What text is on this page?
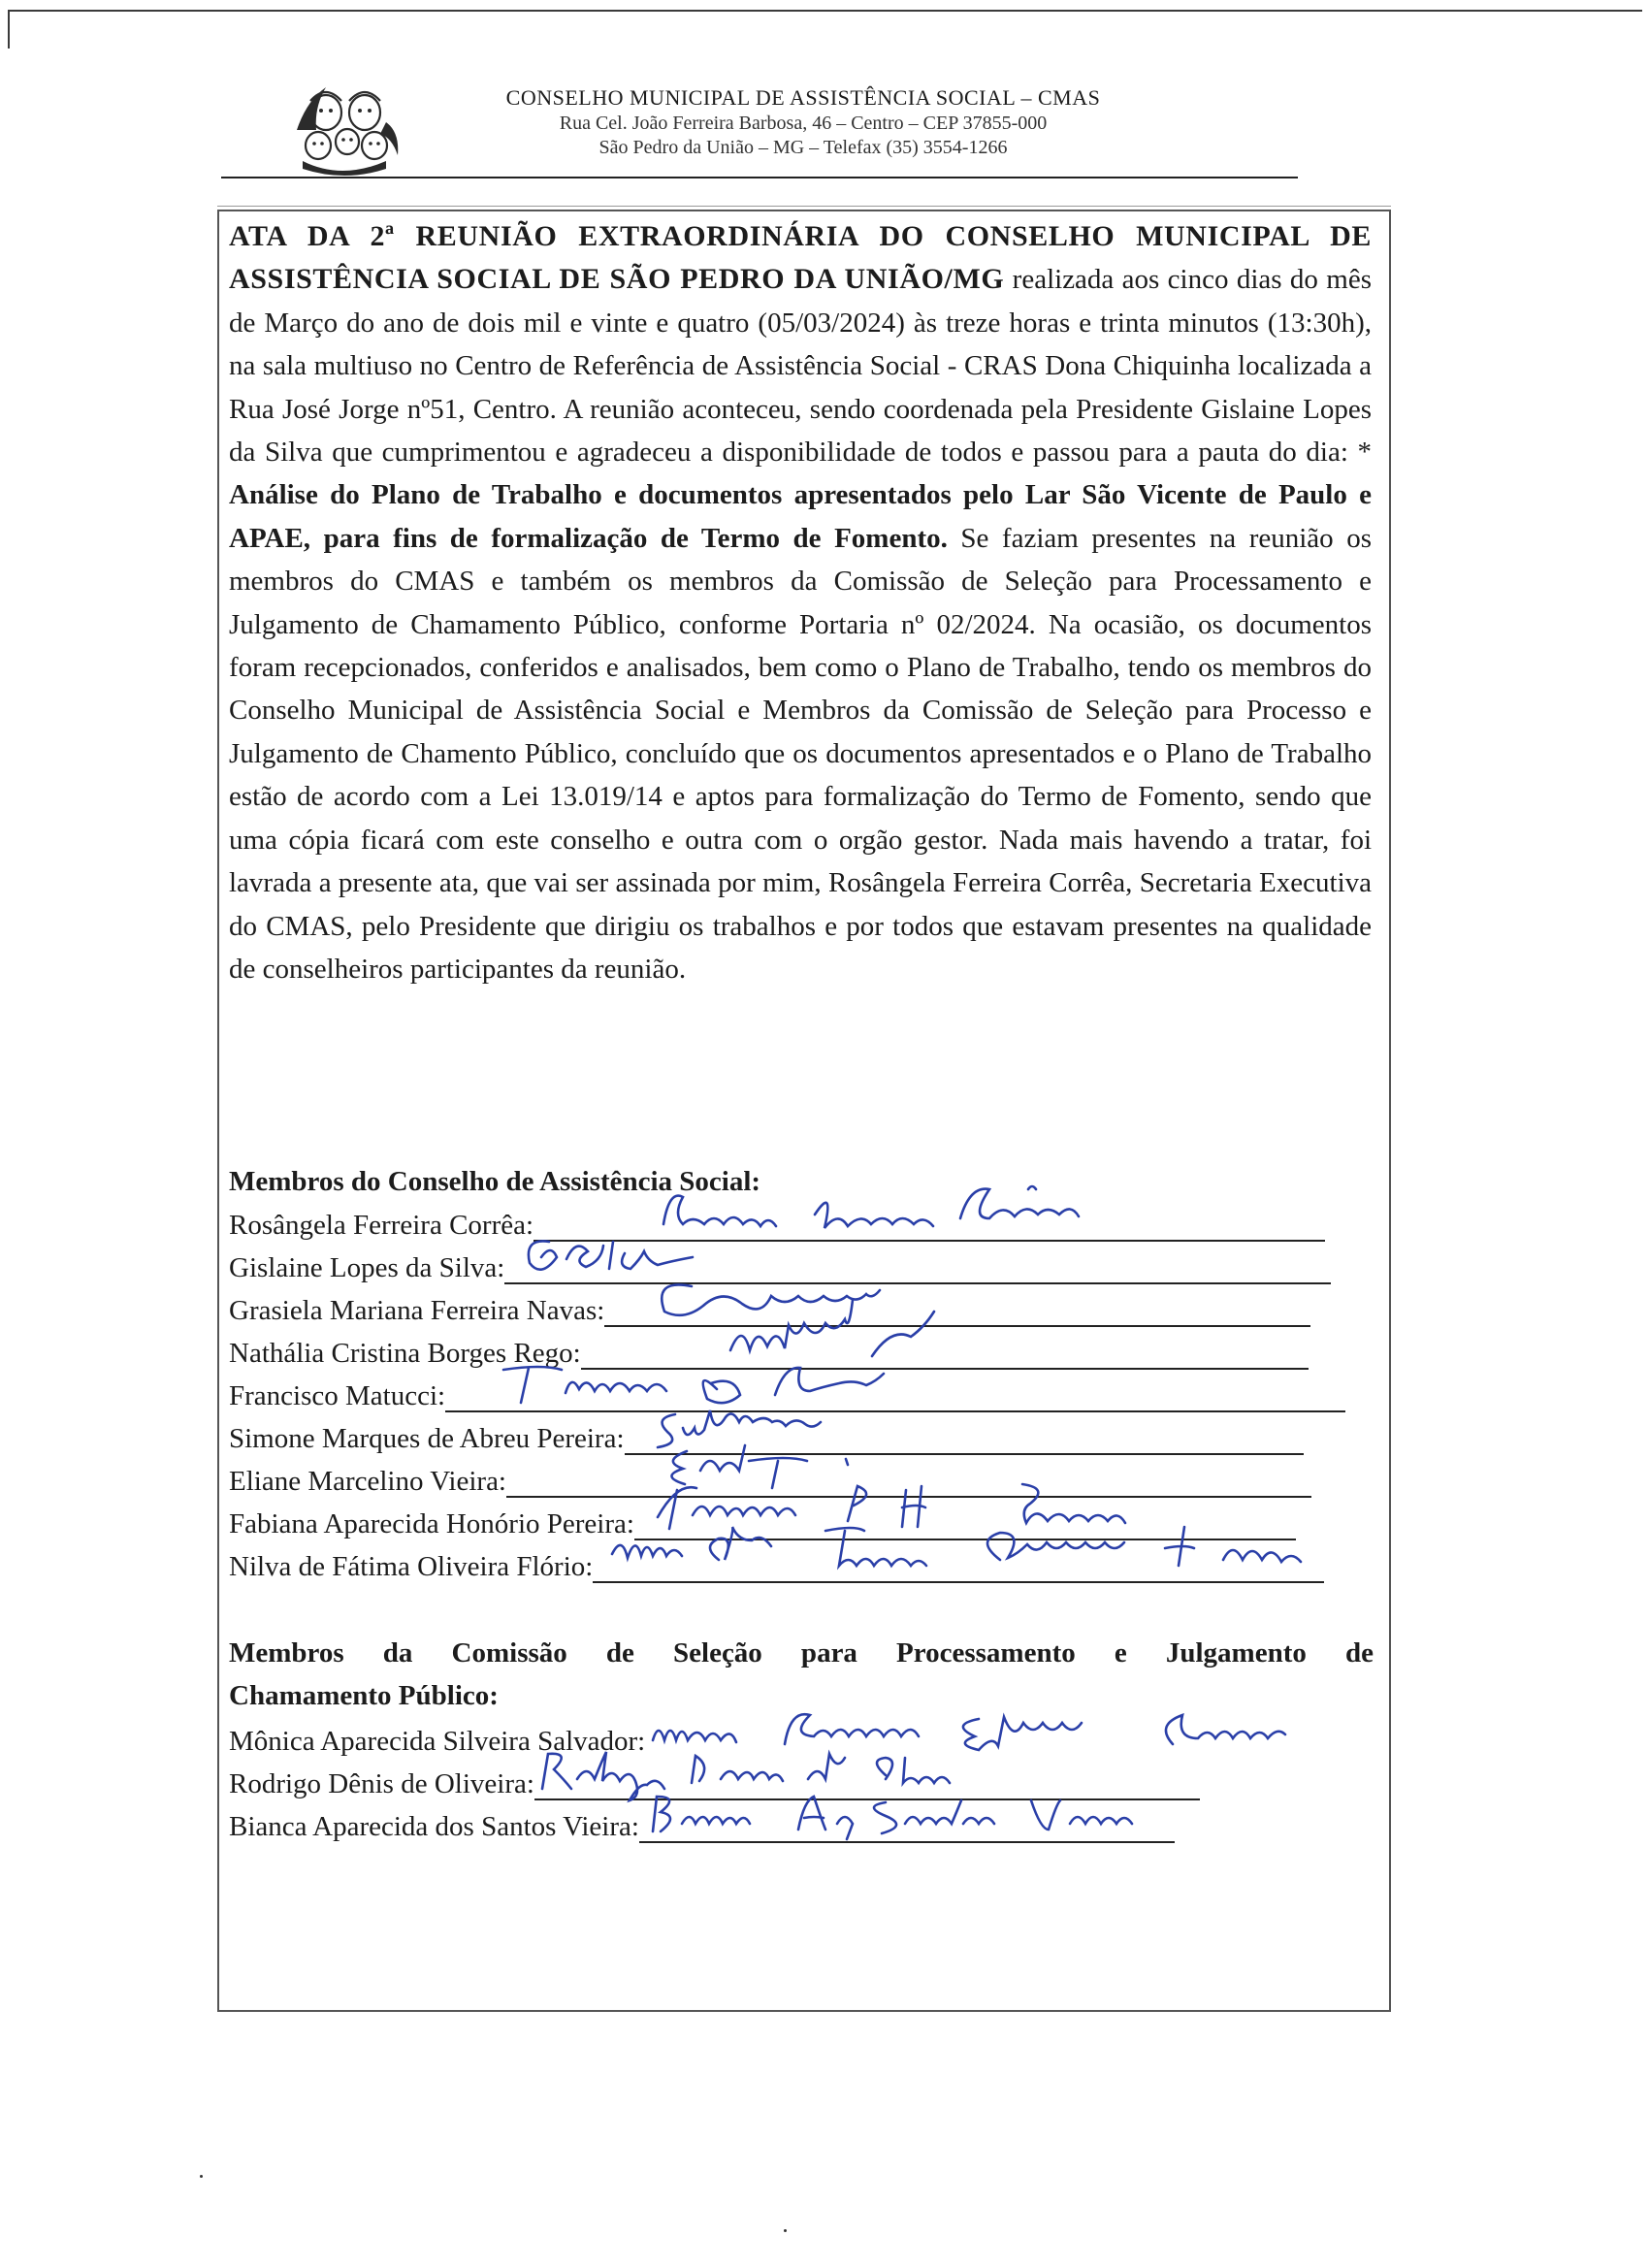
CONSELHO MUNICIPAL DE ASSISTÊNCIA SOCIAL – CMAS
Rua Cel. João Ferreira Barbosa, 46 – Centro – CEP 37855-000
São Pedro da União – MG – Telefax (35) 3554-1266
ATA DA 2ª REUNIÃO EXTRAORDINÁRIA DO CONSELHO MUNICIPAL DE ASSISTÊNCIA SOCIAL DE SÃO PEDRO DA UNIÃO/MG realizada aos cinco dias do mês de Março do ano de dois mil e vinte e quatro (05/03/2024) às treze horas e trinta minutos (13:30h), na sala multiuso no Centro de Referência de Assistência Social - CRAS Dona Chiquinha localizada a Rua José Jorge nº51, Centro. A reunião aconteceu, sendo coordenada pela Presidente Gislaine Lopes da Silva que cumprimentou e agradeceu a disponibilidade de todos e passou para a pauta do dia: * Análise do Plano de Trabalho e documentos apresentados pelo Lar São Vicente de Paulo e APAE, para fins de formalização de Termo de Fomento. Se faziam presentes na reunião os membros do CMAS e também os membros da Comissão de Seleção para Processamento e Julgamento de Chamamento Público, conforme Portaria nº 02/2024. Na ocasião, os documentos foram recepcionados, conferidos e analisados, bem como o Plano de Trabalho, tendo os membros do Conselho Municipal de Assistência Social e Membros da Comissão de Seleção para Processo e Julgamento de Chamento Público, concluído que os documentos apresentados e o Plano de Trabalho estão de acordo com a Lei 13.019/14 e aptos para formalização do Termo de Fomento, sendo que uma cópia ficará com este conselho e outra com o orgão gestor. Nada mais havendo a tratar, foi lavrada a presente ata, que vai ser assinada por mim, Rosângela Ferreira Corrêa, Secretaria Executiva do CMAS, pelo Presidente que dirigiu os trabalhos e por todos que estavam presentes na qualidade de conselheiros participantes da reunião.
Membros do Conselho de Assistência Social:
Rosângela Ferreira Corrêa:
Gislaine Lopes da Silva:
Grasiela Mariana Ferreira Navas:
Nathália Cristina Borges Rego:
Francisco Matucci:
Simone Marques de Abreu Pereira:
Eliane Marcelino Vieira:
Fabiana Aparecida Honório Pereira:
Nilva de Fátima Oliveira Flório:
Membros da Comissão de Seleção para Processamento e Julgamento de
Chamamento Público:
Mônica Aparecida Silveira Salvador:
Rodrigo Dênis de Oliveira:
Bianca Aparecida dos Santos Vieira:
